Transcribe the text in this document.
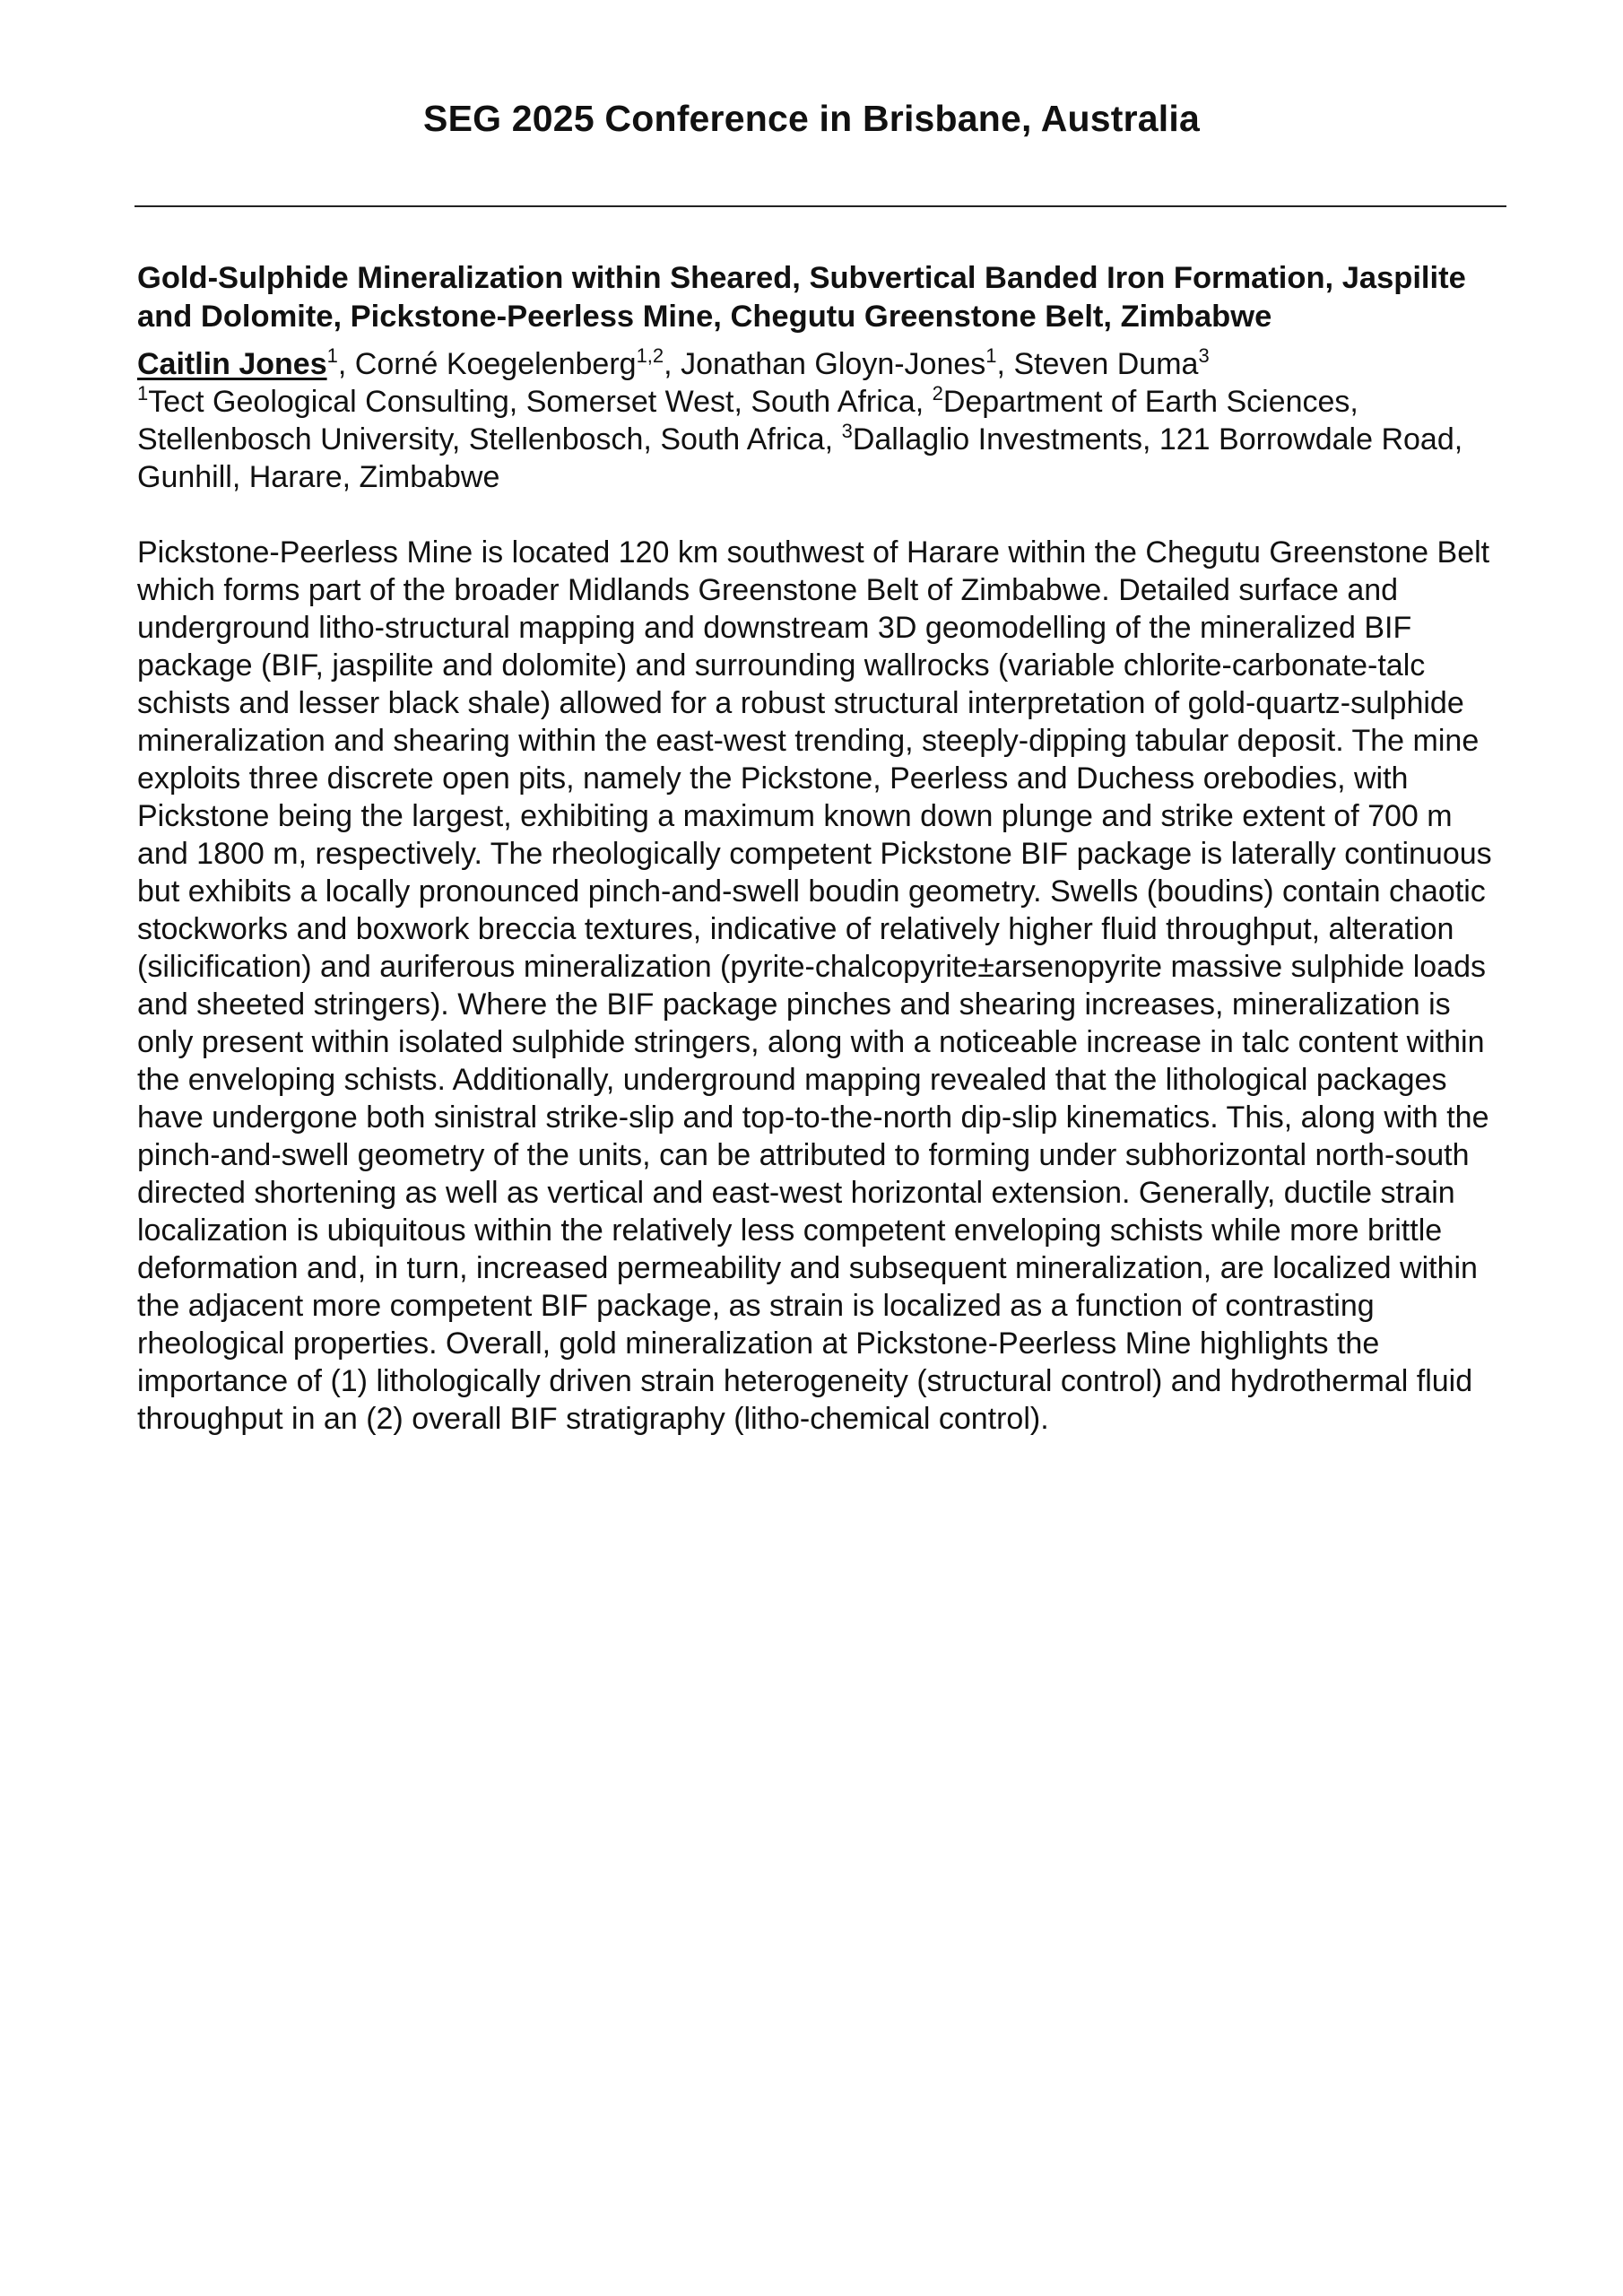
SEG 2025 Conference in Brisbane, Australia
Gold-Sulphide Mineralization within Sheared, Subvertical Banded Iron Formation, Jaspilite and Dolomite, Pickstone-Peerless Mine, Chegutu Greenstone Belt, Zimbabwe
Caitlin Jones$^1$, Corné Koegelenberg$^{1,2}$, Jonathan Gloyn-Jones$^1$, Steven Duma$^3$
$^1$Tect Geological Consulting, Somerset West, South Africa, $^2$Department of Earth Sciences, Stellenbosch University, Stellenbosch, South Africa, $^3$Dallaglio Investments, 121 Borrowdale Road, Gunhill, Harare, Zimbabwe

Pickstone-Peerless Mine is located 120 km southwest of Harare within the Chegutu Greenstone Belt which forms part of the broader Midlands Greenstone Belt of Zimbabwe. Detailed surface and underground litho-structural mapping and downstream 3D geomodelling of the mineralized BIF package (BIF, jaspilite and dolomite) and surrounding wallrocks (variable chlorite-carbonate-talc schists and lesser black shale) allowed for a robust structural interpretation of gold-quartz-sulphide mineralization and shearing within the east-west trending, steeply-dipping tabular deposit. The mine exploits three discrete open pits, namely the Pickstone, Peerless and Duchess orebodies, with Pickstone being the largest, exhibiting a maximum known down plunge and strike extent of 700 m and 1800 m, respectively. The rheologically competent Pickstone BIF package is laterally continuous but exhibits a locally pronounced pinch-and-swell boudin geometry. Swells (boudins) contain chaotic stockworks and boxwork breccia textures, indicative of relatively higher fluid throughput, alteration (silicification) and auriferous mineralization (pyrite-chalcopyrite±arsenopyrite massive sulphide loads and sheeted stringers). Where the BIF package pinches and shearing increases, mineralization is only present within isolated sulphide stringers, along with a noticeable increase in talc content within the enveloping schists. Additionally, underground mapping revealed that the lithological packages have undergone both sinistral strike-slip and top-to-the-north dip-slip kinematics. This, along with the pinch-and-swell geometry of the units, can be attributed to forming under subhorizontal north-south directed shortening as well as vertical and east-west horizontal extension. Generally, ductile strain localization is ubiquitous within the relatively less competent enveloping schists while more brittle deformation and, in turn, increased permeability and subsequent mineralization, are localized within the adjacent more competent BIF package, as strain is localized as a function of contrasting rheological properties. Overall, gold mineralization at Pickstone-Peerless Mine highlights the importance of (1) lithologically driven strain heterogeneity (structural control) and hydrothermal fluid throughput in an (2) overall BIF stratigraphy (litho-chemical control).
